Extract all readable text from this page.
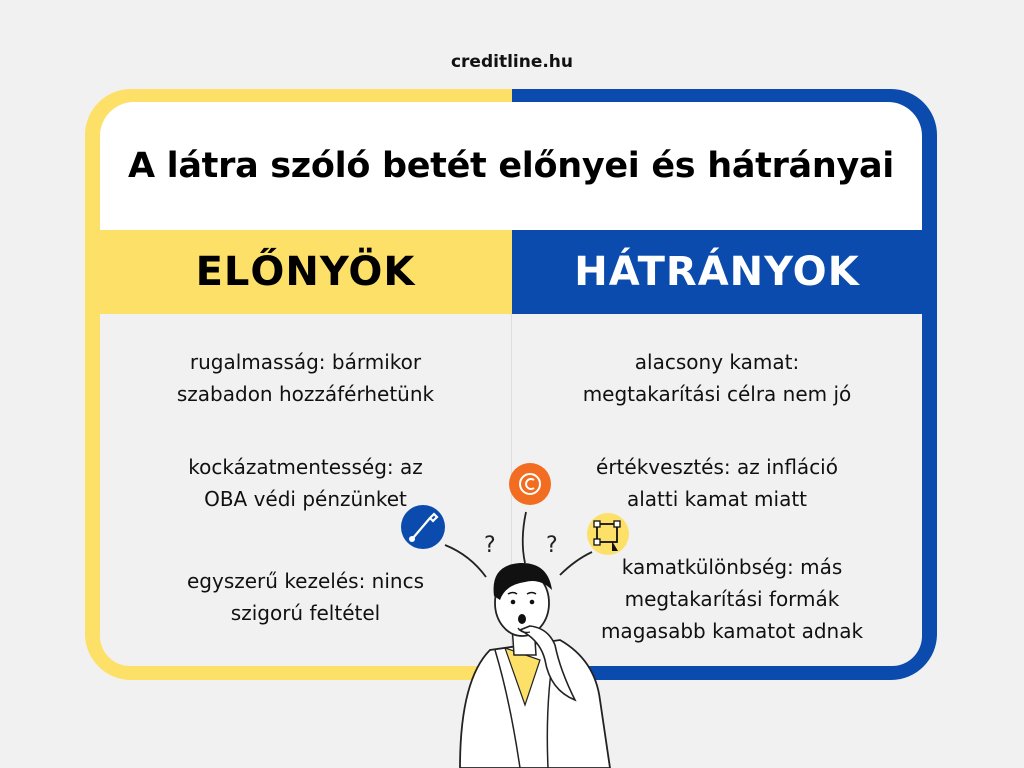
creditline.hu
A látra szóló betét előnyei és hátrányai
ELŐNYÖK	HÁTRÁNYOK
rugalmasság: bármikor
szabadon hozzáférhetünk
kockázatmentesség: az
OBA védi pénzünket
egyszerű kezelés: nincs
szigorú feltétel
alacsony kamat:
megtakarítási célra nem jó
értékvesztés: az infláció
alatti kamat miatt
kamatkülönbség: más
megtakarítási formák
magasabb kamatot adnak
? ?
